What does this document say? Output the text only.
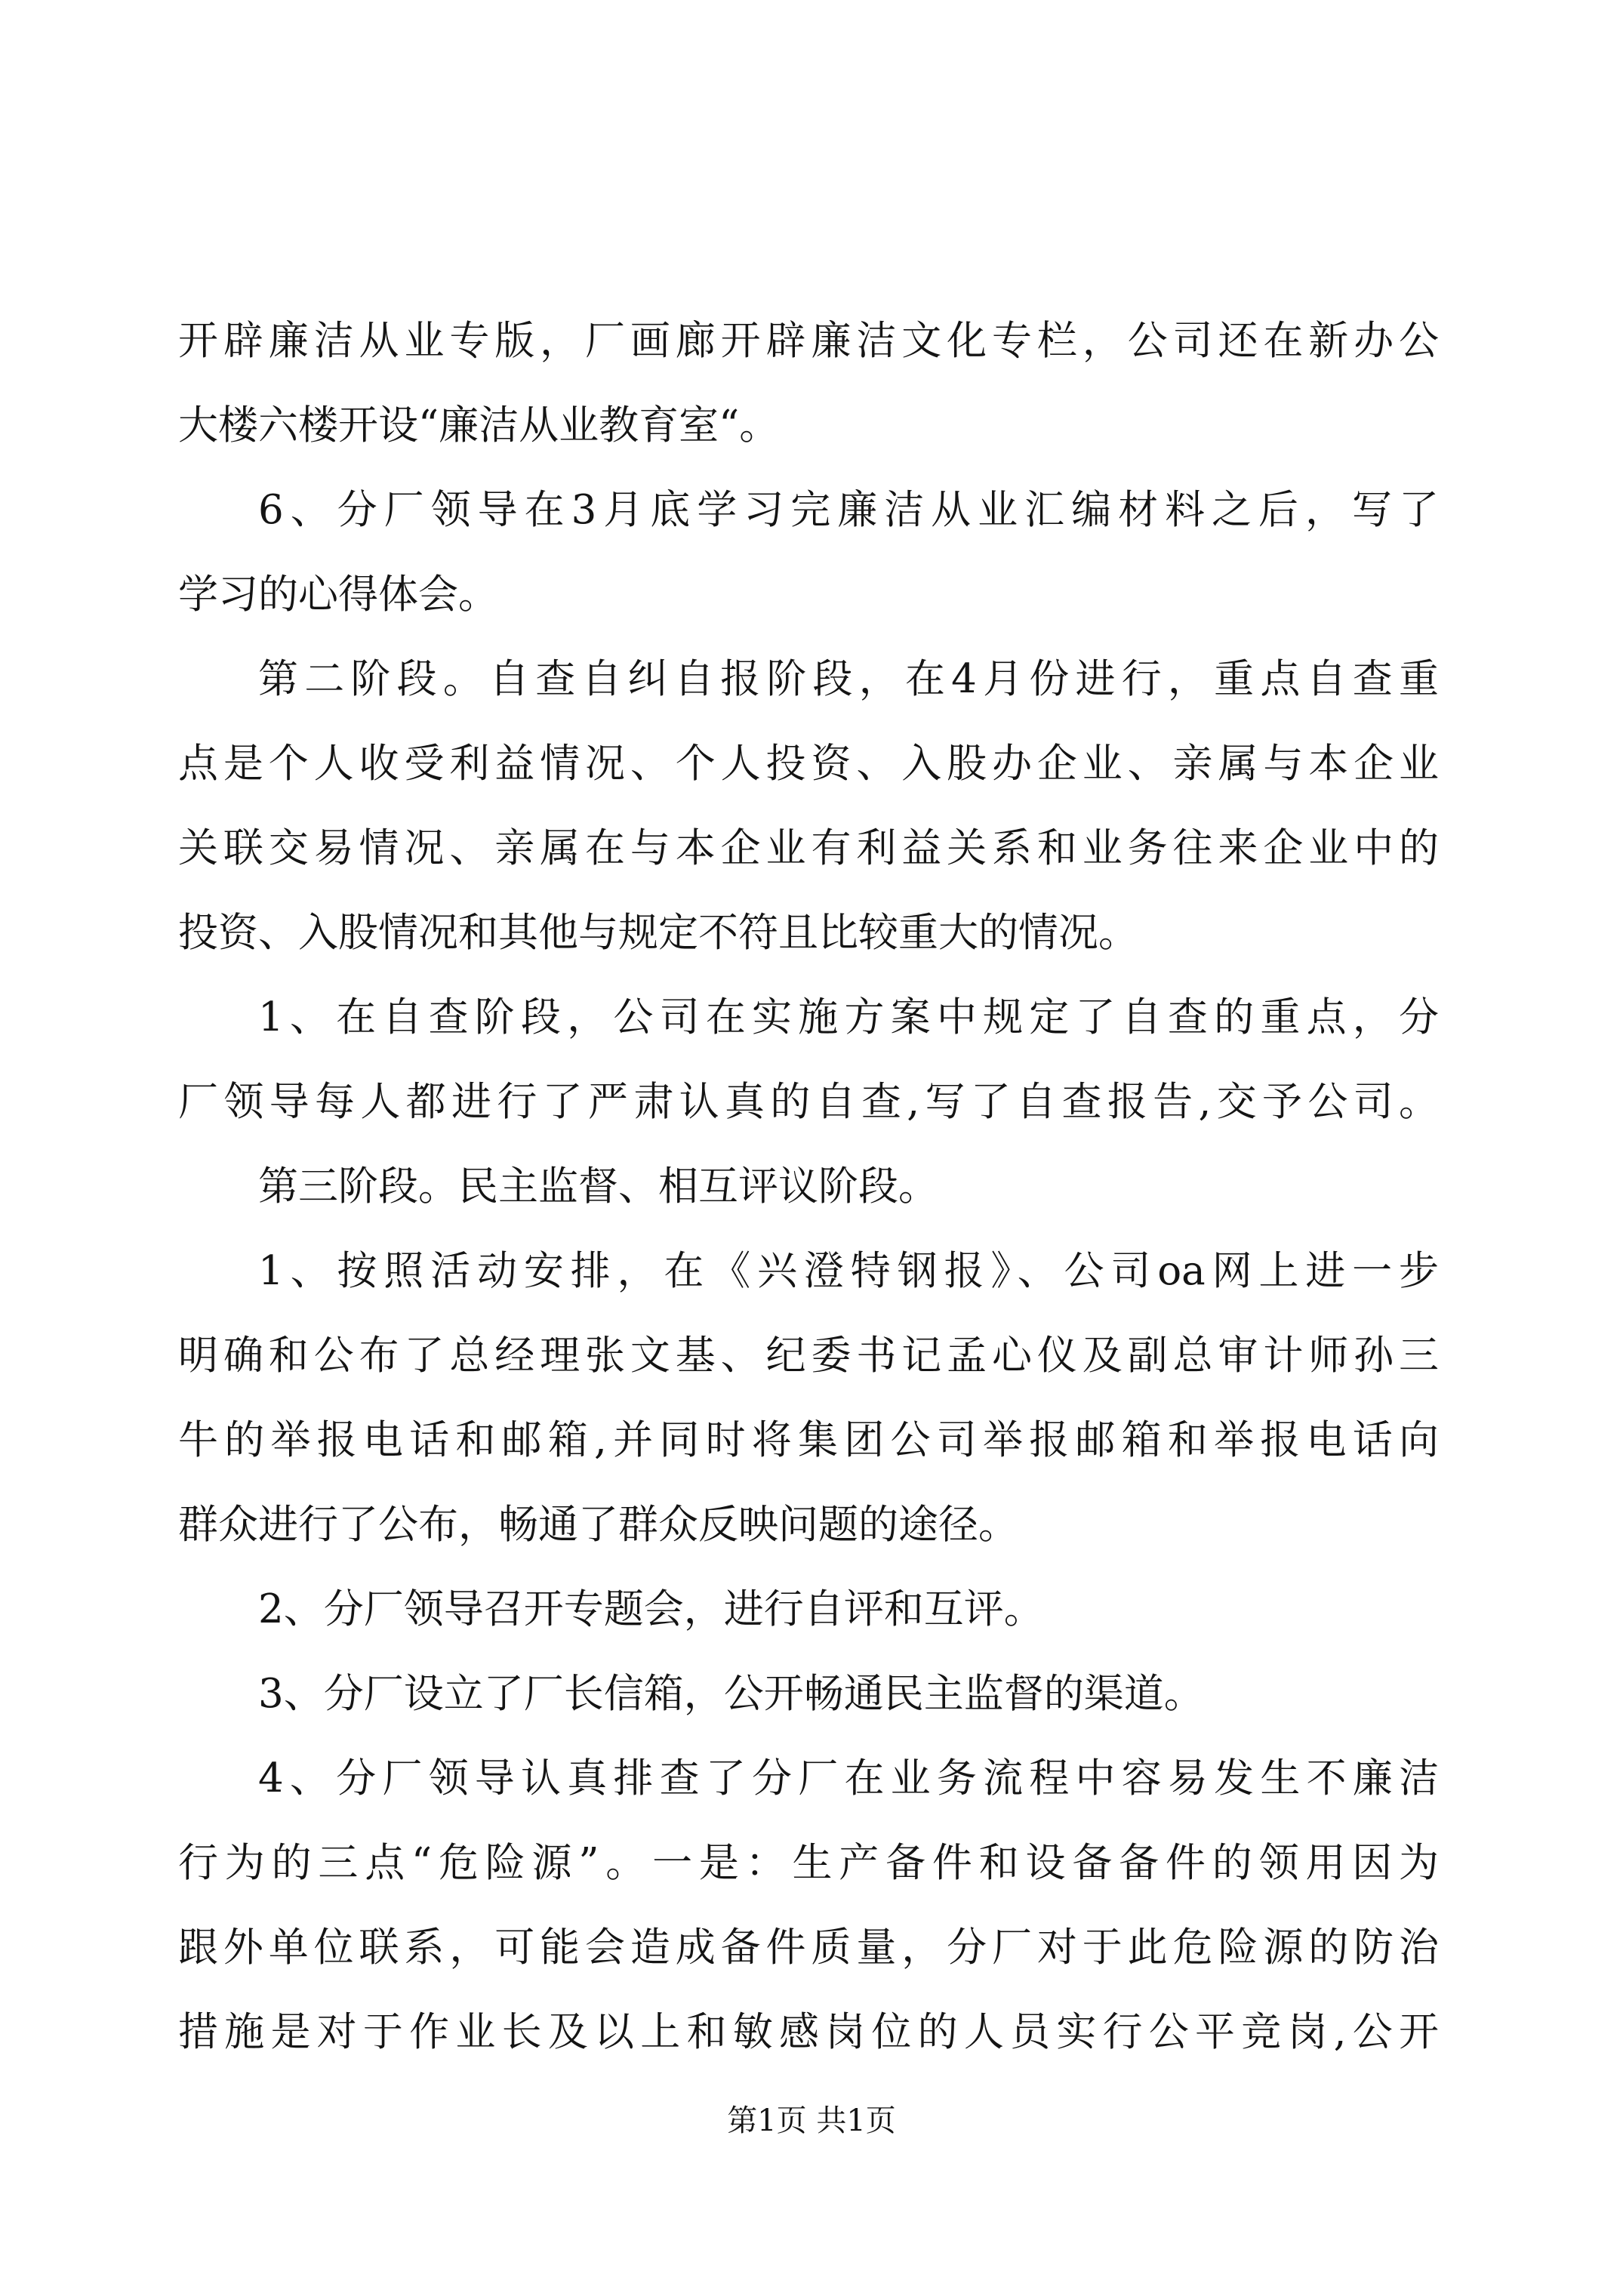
开辟廉洁从业专版，厂画廊开辟廉洁文化专栏，公司还在新办公
大楼六楼开设“廉洁从业教育室“。
6、分厂领导在3月底学习完廉洁从业汇编材料之后，写了
学习的心得体会。
第二阶段。自查自纠自报阶段，在4月份进行，重点自查重
点是个人收受利益情况、个人投资、入股办企业、亲属与本企业
关联交易情况、亲属在与本企业有利益关系和业务往来企业中的
投资、入股情况和其他与规定不符且比较重大的情况。
1、在自查阶段，公司在实施方案中规定了自查的重点，分
厂领导每人都进行了严肃认真的自查,写了自查报告,交予公司。
第三阶段。民主监督、相互评议阶段。
1、按照活动安排，在《兴澄特钢报》、公司oa网上进一步
明确和公布了总经理张文基、纪委书记孟心仪及副总审计师孙三
牛的举报电话和邮箱,并同时将集团公司举报邮箱和举报电话向
群众进行了公布，畅通了群众反映问题的途径。
2、分厂领导召开专题会，进行自评和互评。
3、分厂设立了厂长信箱，公开畅通民主监督的渠道。
4、分厂领导认真排查了分厂在业务流程中容易发生不廉洁
行为的三点“危险源”。一是：生产备件和设备备件的领用因为
跟外单位联系，可能会造成备件质量，分厂对于此危险源的防治
措施是对于作业长及以上和敏感岗位的人员实行公平竞岗,公开
第1页 共1页
